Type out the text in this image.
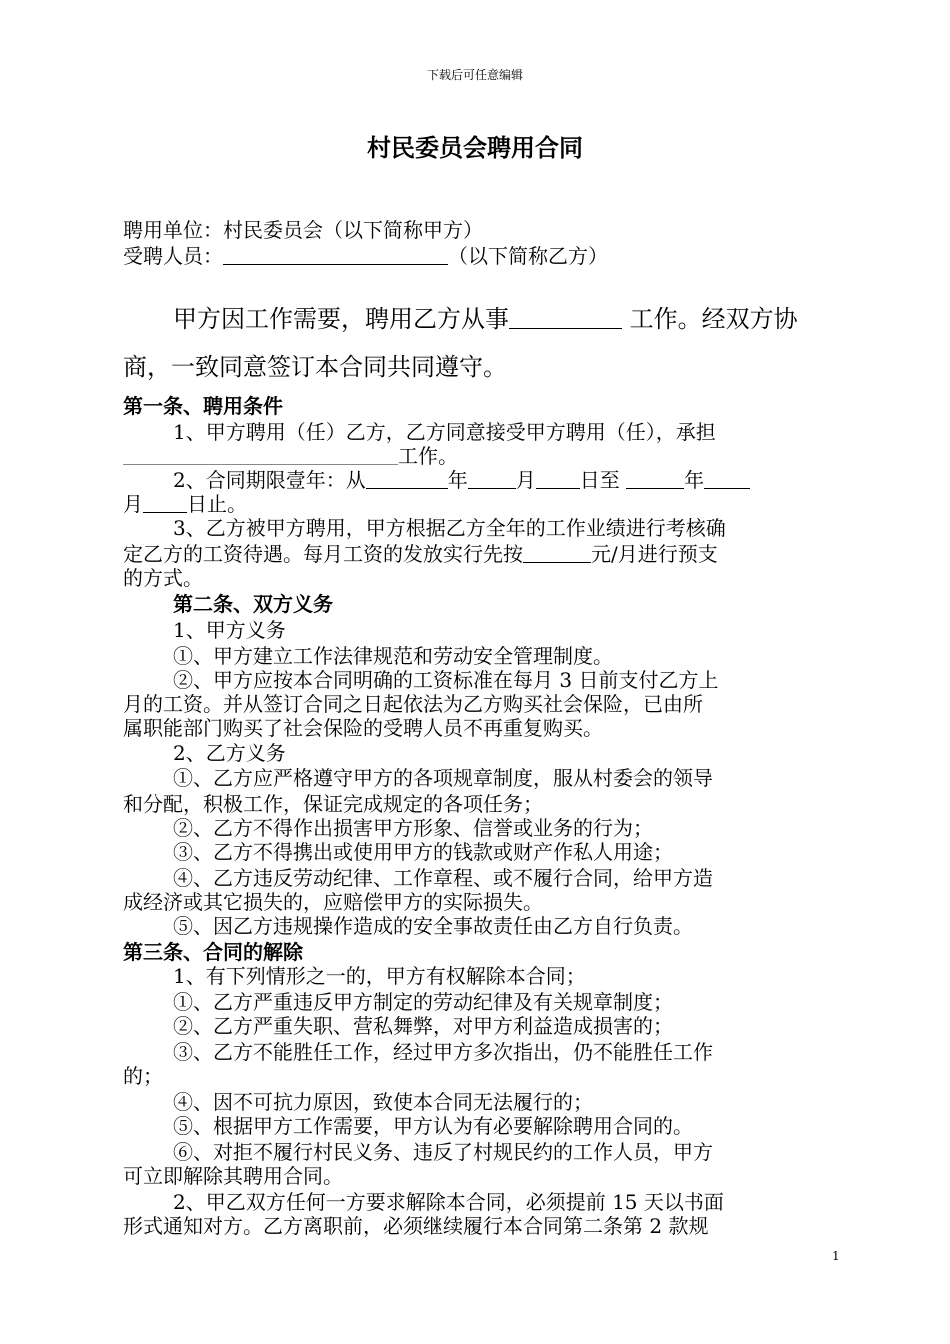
下载后可任意编辑
村民委员会聘用合同
聘用单位：村民委员会（以下简称甲方）
受聘人员：	（以下简称乙方）
甲方因工作需要，聘用乙方从事	工作。经双方协
商，一致同意签订本合同共同遵守。
第一条、聘用条件
1、甲方聘用（任）乙方，乙方同意接受甲方聘用（任），承担
工作。
2、合同期限壹年：从	年 月 日至	年
月 日止。
3、乙方被甲方聘用，甲方根据乙方全年的工作业绩进行考核确
定乙方的工资待遇。每月工资的发放实行先按	元/月进行预支
的方式。
第二条、双方义务
1、甲方义务
①、甲方建立工作法律规范和劳动安全管理制度。
②、甲方应按本合同明确的工资标准在每月 3 日前支付乙方上
月的工资。并从签订合同之日起依法为乙方购买社会保险，已由所
属职能部门购买了社会保险的受聘人员不再重复购买。
2、乙方义务
①、乙方应严格遵守甲方的各项规章制度，服从村委会的领导
和分配，积极工作，保证完成规定的各项任务；
②、乙方不得作出损害甲方形象、信誉或业务的行为；
③、乙方不得携出或使用甲方的钱款或财产作私人用途；
④、乙方违反劳动纪律、工作章程、或不履行合同，给甲方造
成经济或其它损失的，应赔偿甲方的实际损失。
⑤、因乙方违规操作造成的安全事故责任由乙方自行负责。
第三条、合同的解除
1、有下列情形之一的，甲方有权解除本合同；
①、乙方严重违反甲方制定的劳动纪律及有关规章制度；
②、乙方严重失职、营私舞弊，对甲方利益造成损害的；
③、乙方不能胜任工作，经过甲方多次指出，仍不能胜任工作
的；
④、因不可抗力原因，致使本合同无法履行的；
⑤、根据甲方工作需要，甲方认为有必要解除聘用合同的。
⑥、对拒不履行村民义务、违反了村规民约的工作人员，甲方
可立即解除其聘用合同。
2、甲乙双方任何一方要求解除本合同，必须提前 15 天以书面
形式通知对方。乙方离职前，必须继续履行本合同第二条第 2 款规
1
